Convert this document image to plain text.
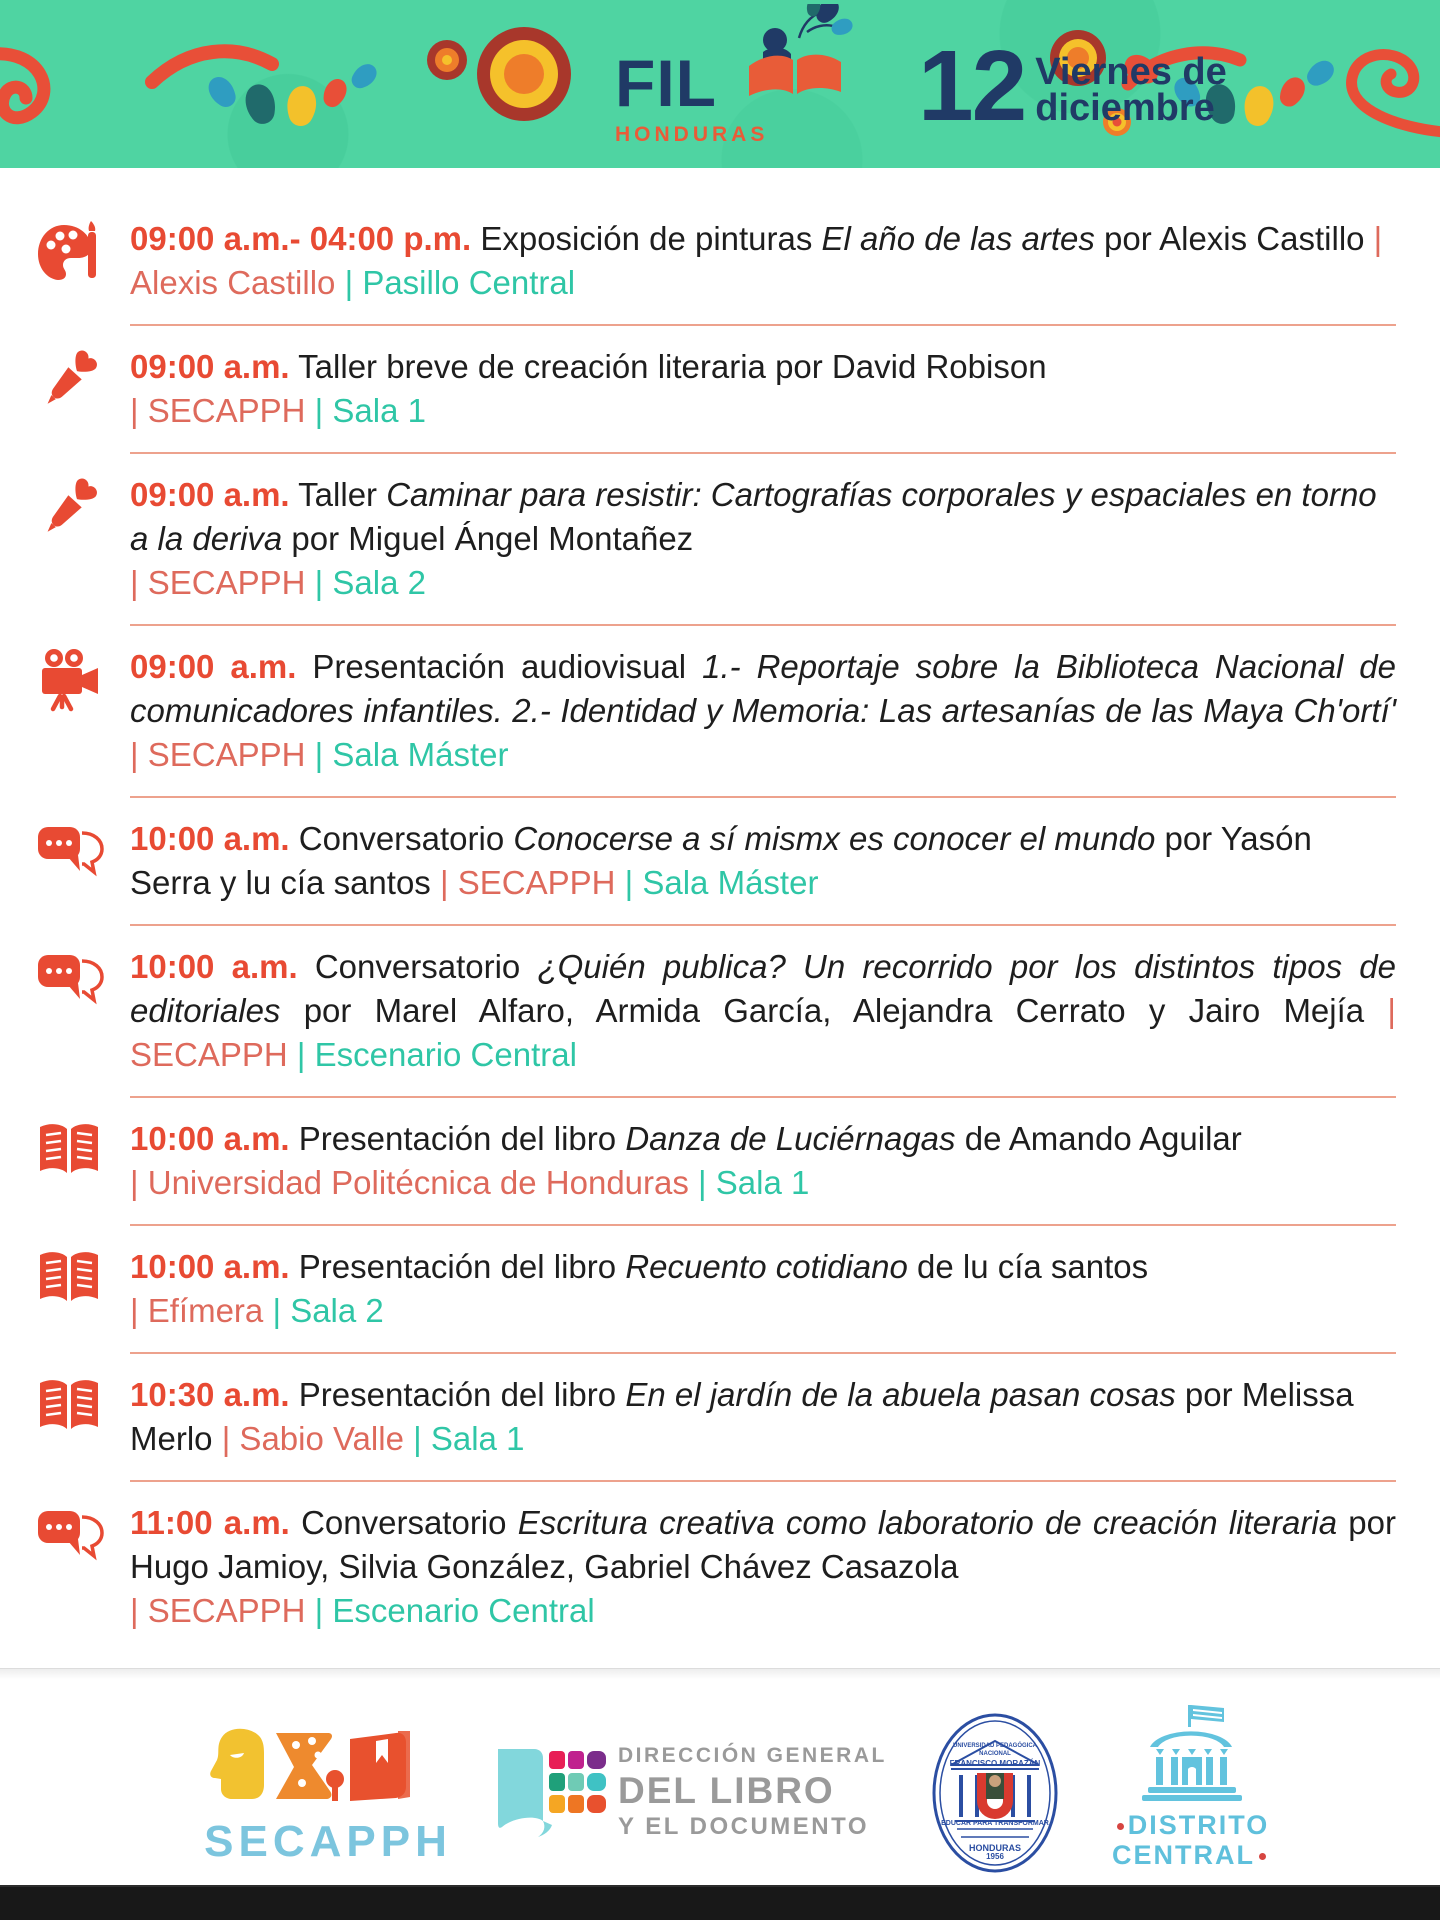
FIL
HONDURAS 12 Viernes de
diciembre

09:00 a.m.- 04:00 p.m. Exposición de pinturas El año de las artes por Alexis Castillo | Alexis Castillo | Pasillo Central

09:00 a.m. Taller breve de creación literaria por David Robison
| SECAPPH | Sala 1

09:00 a.m. Taller Caminar para resistir: Cartografías corporales y espaciales en torno a la deriva por Miguel Ángel Montañez
| SECAPPH | Sala 2

09:00 a.m. Presentación audiovisual 1.- Reportaje sobre la Biblioteca Nacional de comunicadores infantiles. 2.- Identidad y Memoria: Las artesanías de las Maya Ch'ortí' | SECAPPH | Sala Máster

10:00 a.m. Conversatorio Conocerse a sí mismx es conocer el mundo por Yasón Serra y lu cía santos | SECAPPH | Sala Máster

10:00 a.m. Conversatorio ¿Quién publica? Un recorrido por los distintos tipos de editoriales por Marel Alfaro, Armida García, Alejandra Cerrato y Jairo Mejía | SECAPPH | Escenario Central

10:00 a.m. Presentación del libro Danza de Luciérnagas de Amando Aguilar
| Universidad Politécnica de Honduras | Sala 1

10:00 a.m. Presentación del libro Recuento cotidiano de lu cía santos
| Efímera | Sala 2

10:30 a.m. Presentación del libro En el jardín de la abuela pasan cosas por Melissa Merlo | Sabio Valle | Sala 1

11:00 a.m. Conversatorio Escritura creativa como laboratorio de creación literaria por Hugo Jamioy, Silvia González, Gabriel Chávez Casazola
| SECAPPH | Escenario Central

SECAPPH
DIRECCIÓN GENERAL
DEL LIBRO
Y EL DOCUMENTO
UNIVERSIDAD PEDAGÓGICA
NACIONAL
FRANCISCO MORAZÁN
EDUCAR PARA TRANSFORMAR
HONDURAS
1956
DISTRITO
CENTRAL
